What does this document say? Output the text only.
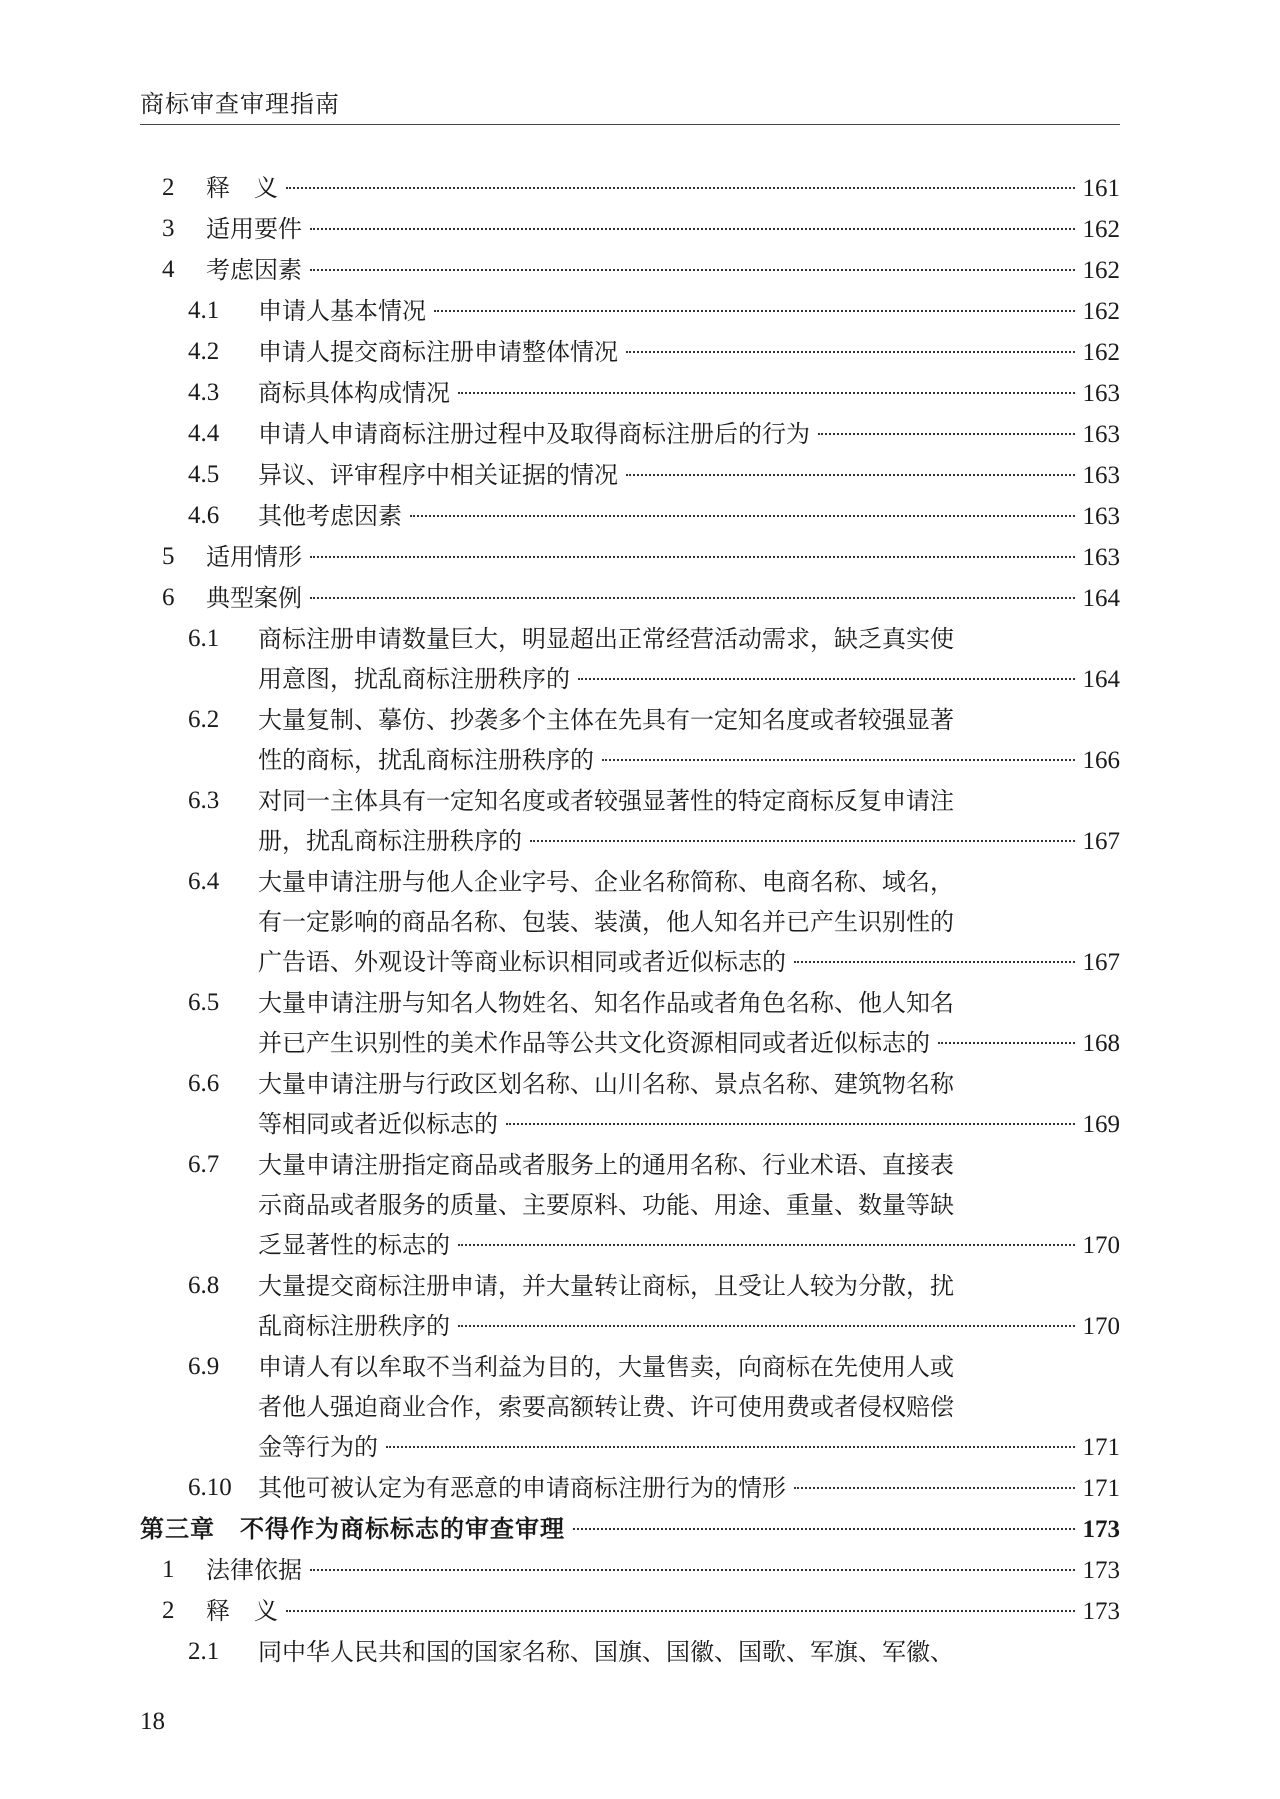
商标审查审理指南
2 释　义	161
3 适用要件	162
4 考虑因素	162
4.1 申请人基本情况	162
4.2 申请人提交商标注册申请整体情况	162
4.3 商标具体构成情况	163
4.4 申请人申请商标注册过程中及取得商标注册后的行为	163
4.5 异议、评审程序中相关证据的情况	163
4.6 其他考虑因素	163
5 适用情形	163
6 典型案例	164
6.1 商标注册申请数量巨大，明显超出正常经营活动需求，缺乏真实使
用意图，扰乱商标注册秩序的	164
6.2 大量复制、摹仿、抄袭多个主体在先具有一定知名度或者较强显著
性的商标，扰乱商标注册秩序的	166
6.3 对同一主体具有一定知名度或者较强显著性的特定商标反复申请注
册，扰乱商标注册秩序的	167
6.4 大量申请注册与他人企业字号、企业名称简称、电商名称、域名，
有一定影响的商品名称、包装、装潢，他人知名并已产生识别性的
广告语、外观设计等商业标识相同或者近似标志的	167
6.5 大量申请注册与知名人物姓名、知名作品或者角色名称、他人知名
并已产生识别性的美术作品等公共文化资源相同或者近似标志的	168
6.6 大量申请注册与行政区划名称、山川名称、景点名称、建筑物名称
等相同或者近似标志的	169
6.7 大量申请注册指定商品或者服务上的通用名称、行业术语、直接表
示商品或者服务的质量、主要原料、功能、用途、重量、数量等缺
乏显著性的标志的	170
6.8 大量提交商标注册申请，并大量转让商标，且受让人较为分散，扰
乱商标注册秩序的	170
6.9 申请人有以牟取不当利益为目的，大量售卖，向商标在先使用人或
者他人强迫商业合作，索要高额转让费、许可使用费或者侵权赔偿
金等行为的	171
6.10 其他可被认定为有恶意的申请商标注册行为的情形	171
第三章　不得作为商标标志的审查审理	173
1 法律依据	173
2 释　义	173
2.1 同中华人民共和国的国家名称、国旗、国徽、国歌、军旗、军徽、
18
